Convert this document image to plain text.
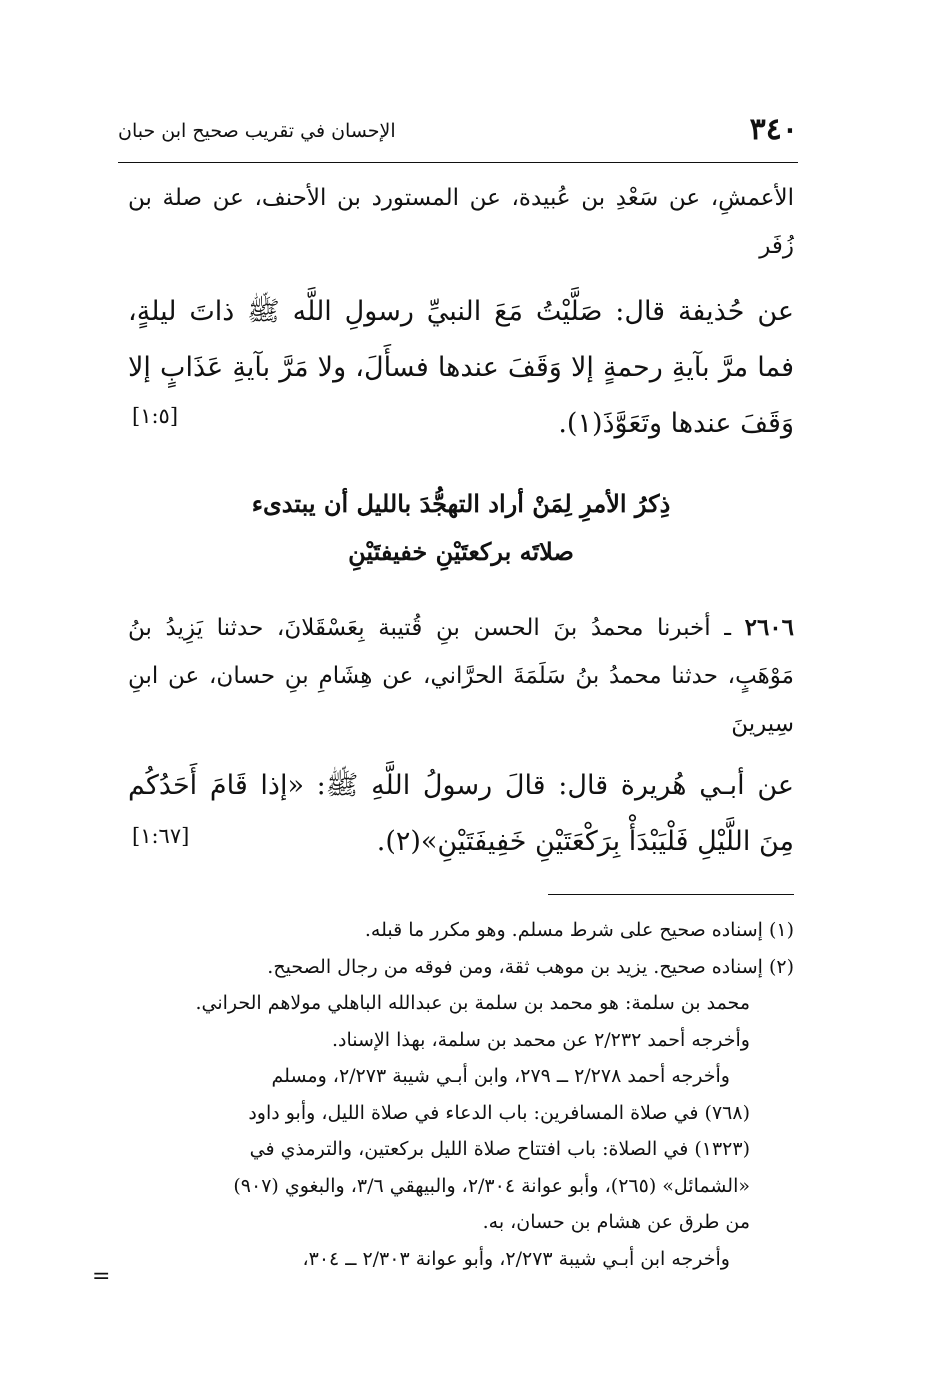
٣٤٠
الإحسان في تقريب صحيح ابن حبان
الأعمشِ، عن سَعْدِ بن عُبيدة، عن المستورد بن الأحنف، عن صلة بن زُفَر
عن حُذيفة قال: صَلَّيْتُ مَعَ النبيِّ رسولِ اللَّه ﷺ ذاتَ ليلةٍ، فما مرَّ بآيةِ رحمةٍ إلا وَقَفَ عندها فسأَلَ، ولا مَرَّ بآيةِ عَذَابٍ إلا وَقَفَ عندها وتَعَوَّذَ(١).
[١:٥]
ذِكرُ الأمرِ لِمَنْ أراد التهجُّدَ بالليل أن يبتدىء
صلاتَه بركعتَيْنِ خفيفتَيْنِ
٢٦٠٦ ـ أخبرنا محمدُ بنَ الحسن بنِ قُتيبة بِعَسْقَلانَ، حدثنا يَزِيدُ بنُ مَوْهَبٍ، حدثنا محمدُ بنُ سَلَمَةَ الحرَّاني، عن هِشَامِ بنِ حسان، عن ابنِ سِيرينَ
عن أبـي هُريرة قال: قالَ رسولُ اللَّهِ ﷺ: «إذا قَامَ أَحَدُكُم مِنَ اللَّيْلِ فَلْيَبْدَأْ بِرَكْعَتَيْنِ خَفِيفَتَيْنِ»(٢).
[١:٦٧]
(١) إسناده صحيح على شرط مسلم. وهو مكرر ما قبله.
(٢) إسناده صحيح. يزيد بن موهب ثقة، ومن فوقه من رجال الصحيح.
محمد بن سلمة: هو محمد بن سلمة بن عبدالله الباهلي مولاهم الحراني.
وأخرجه أحمد ٢/٢٣٢ عن محمد بن سلمة، بهذا الإسناد.
وأخرجه أحمد ٢/٢٧٨ ــ ٢٧٩، وابن أبـي شيبة ٢/٢٧٣، ومسلم
(٧٦٨) في صلاة المسافرين: باب الدعاء في صلاة الليل، وأبو داود
(١٣٢٣) في الصلاة: باب افتتاح صلاة الليل بركعتين، والترمذي في
«الشمائل» (٢٦٥)، وأبو عوانة ٢/٣٠٤، والبيهقي ٣/٦، والبغوي (٩٠٧)
من طرق عن هشام بن حسان، به.
وأخرجه ابن أبـي شيبة ٢/٢٧٣، وأبو عوانة ٢/٣٠٣ ــ ٣٠٤،
=
